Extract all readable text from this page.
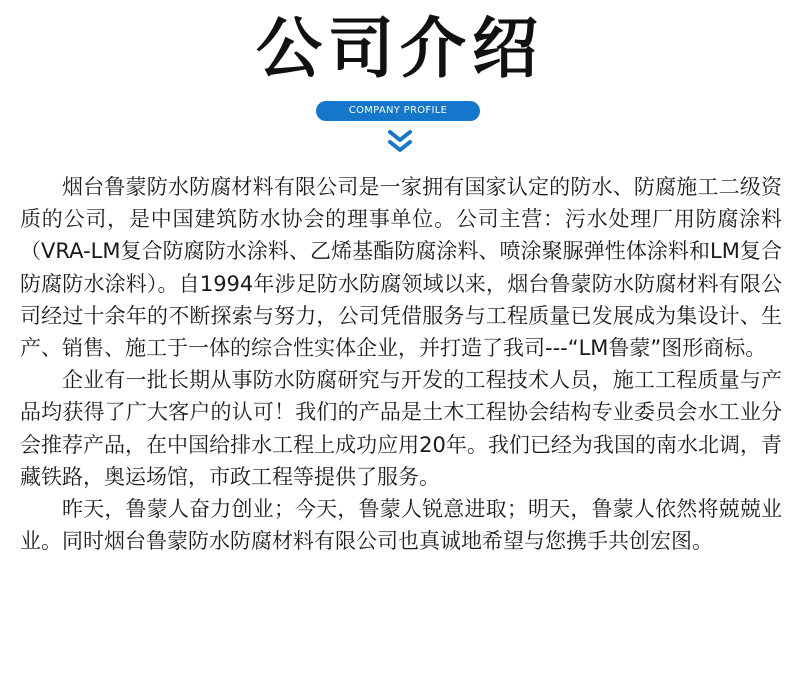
公司介绍
COMPANY PROFILE

烟台鲁蒙防水防腐材料有限公司是一家拥有国家认定的防水、防腐施工二级资质的公司，是中国建筑防水协会的理事单位。公司主营：污水处理厂用防腐涂料（VRA-LM复合防腐防水涂料、乙烯基酯防腐涂料、喷涂聚脲弹性体涂料和LM复合防腐防水涂料）。自1994年涉足防水防腐领域以来，烟台鲁蒙防水防腐材料有限公司经过十余年的不断探索与努力，公司凭借服务与工程质量已发展成为集设计、生产、销售、施工于一体的综合性实体企业，并打造了我司---“LM鲁蒙”图形商标。

企业有一批长期从事防水防腐研究与开发的工程技术人员，施工工程质量与产品均获得了广大客户的认可！我们的产品是土木工程协会结构专业委员会水工业分会推荐产品，在中国给排水工程上成功应用20年。我们已经为我国的南水北调，青藏铁路，奥运场馆，市政工程等提供了服务。

昨天，鲁蒙人奋力创业；今天，鲁蒙人锐意进取；明天，鲁蒙人依然将兢兢业业。同时烟台鲁蒙防水防腐材料有限公司也真诚地希望与您携手共创宏图。
